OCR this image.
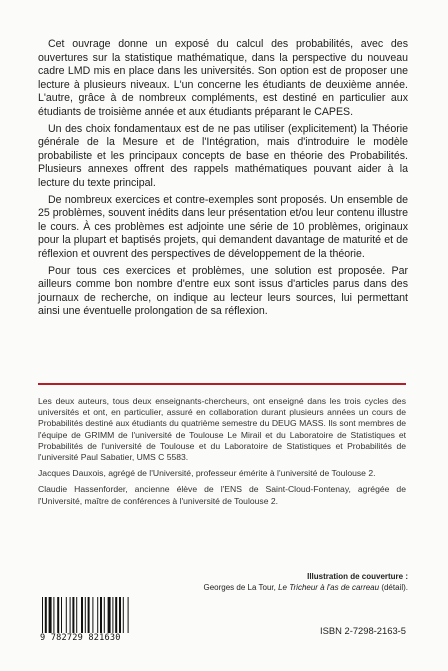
Cet ouvrage donne un exposé du calcul des probabilités, avec des ouvertures sur la statistique mathématique, dans la perspective du nouveau cadre LMD mis en place dans les universités. Son option est de proposer une lecture à plusieurs niveaux. L'un concerne les étudiants de deuxième année. L'autre, grâce à de nombreux compléments, est destiné en particulier aux étudiants de troisième année et aux étudiants préparant le CAPES.

Un des choix fondamentaux est de ne pas utiliser (explicitement) la Théorie générale de la Mesure et de l'Intégration, mais d'introduire le modèle probabiliste et les principaux concepts de base en théorie des Probabilités. Plusieurs annexes offrent des rappels mathématiques pouvant aider à la lecture du texte principal.

De nombreux exercices et contre-exemples sont proposés. Un ensemble de 25 problèmes, souvent inédits dans leur présentation et/ou leur contenu illustre le cours. À ces problèmes est adjointe une série de 10 problèmes, originaux pour la plupart et baptisés projets, qui demandent davantage de maturité et de réflexion et ouvrent des perspectives de développement de la théorie.

Pour tous ces exercices et problèmes, une solution est proposée. Par ailleurs comme bon nombre d'entre eux sont issus d'articles parus dans des journaux de recherche, on indique au lecteur leurs sources, lui permettant ainsi une éventuelle prolongation de sa réflexion.

Les deux auteurs, tous deux enseignants-chercheurs, ont enseigné dans les trois cycles des universités et ont, en particulier, assuré en collaboration durant plusieurs années un cours de Probabilités destiné aux étudiants du quatrième semestre du DEUG MASS. Ils sont membres de l'équipe de GRIMM de l'université de Toulouse Le Mirail et du Laboratoire de Statistiques et Probabilités de l'université de Toulouse et du Laboratoire de Statistiques et Probabilités de l'université Paul Sabatier, UMS C 5583.

Jacques Dauxois, agrégé de l'Université, professeur émérite à l'université de Toulouse 2.

Claudie Hassenforder, ancienne élève de l'ENS de Saint-Cloud-Fontenay, agrégée de l'Université, maître de conférences à l'université de Toulouse 2.

Illustration de couverture :
Georges de La Tour, Le Tricheur à l'as de carreau (détail).
9 782729 821630
ISBN 2-7298-2163-5
